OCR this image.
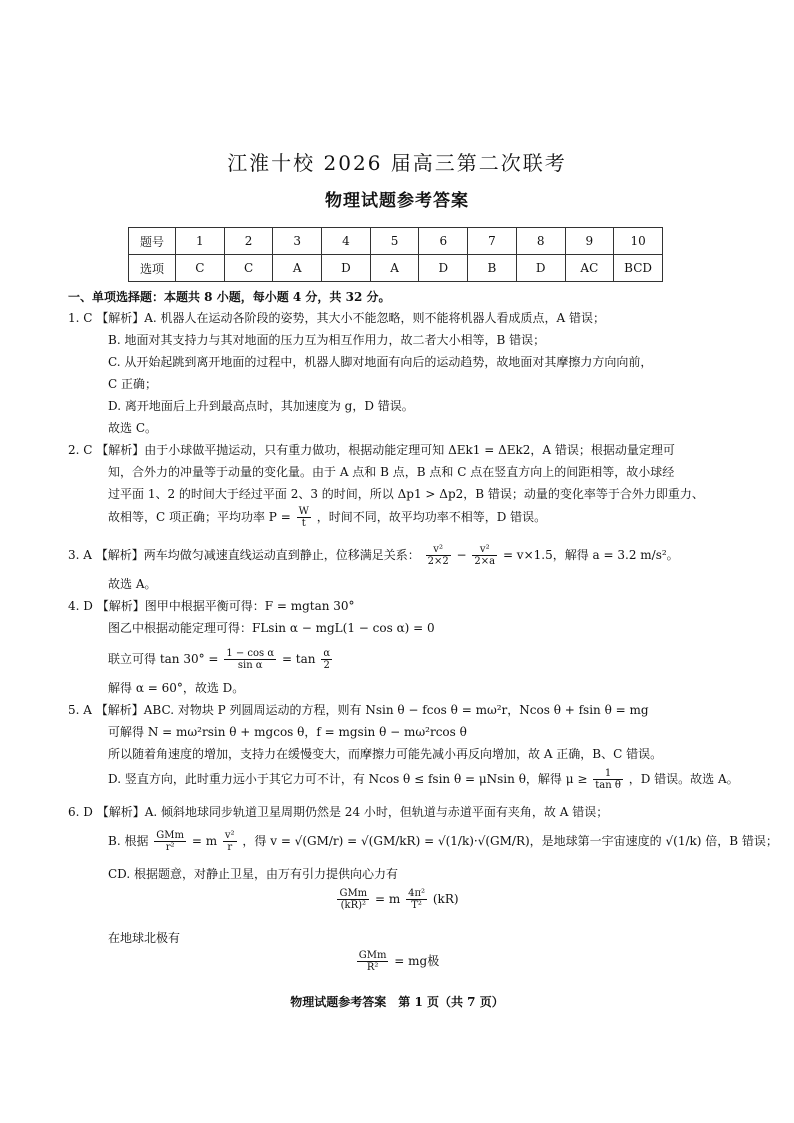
江淮十校 2026 届高三第二次联考
物理试题参考答案
题号	1	2	3	4	5	6	7	8	9	10
选项	C	C	A	D	A	D	B	D	AC	BCD
一、单项选择题：本题共 8 小题，每小题 4 分，共 32 分。
1. C 【解析】A. 机器人在运动各阶段的姿势，其大小不能忽略，则不能将机器人看成质点，A 错误；
B. 地面对其支持力与其对地面的压力互为相互作用力，故二者大小相等，B 错误；
C. 从开始起跳到离开地面的过程中，机器人脚对地面有向后的运动趋势，故地面对其摩擦力方向向前，
C 正确；
D. 离开地面后上升到最高点时，其加速度为 g，D 错误。
故选 C。
2. C 【解析】由于小球做平抛运动，只有重力做功，根据动能定理可知 ΔEk1 = ΔEk2，A 错误；根据动量定理可
知，合外力的冲量等于动量的变化量。由于 A 点和 B 点，B 点和 C 点在竖直方向上的间距相等，故小球经
过平面 1、2 的时间大于经过平面 2、3 的时间，所以 Δp1 > Δp2，B 错误；动量的变化率等于合外力即重力、
故相等，C 项正确；平均功率 $P = \frac{W}{t}$ ，时间不同，故平均功率不相等，D 错误。
3. A 【解析】两车均做匀减速直线运动直到静止，位移满足关系： $\frac{\text{v²}}{2\times 2} - \frac{\text{v²}}{2\times a} = v\times 1.5$，解得 a = 3.2 m/s²。
故选 A。
4. D 【解析】图甲中根据平衡可得：F = mgtan 30°
图乙中根据动能定理可得：FLsin α − mgL(1 − cos α) = 0
联立可得 $\tan 30^\circ = \frac{\text{1 − cos α}}{\text{sin α}} = \tan \frac{\alpha}{2}$
解得 α = 60°，故选 D。
5. A 【解析】ABC. 对物块 P 列圆周运动的方程，则有 Nsin θ − fcos θ = mω²r，Ncos θ + fsin θ = mg
可解得 N = mω²rsin θ + mgcos θ，f = mgsin θ − mω²rcos θ
所以随着角速度的增加，支持力在缓慢变大，而摩擦力可能先减小再反向增加，故 A 正确，B、C 错误。
D. 竖直方向，此时重力远小于其它力可不计，有 Ncos θ ≤ fsin θ = μNsin θ，解得 $\mu \ge \frac{1}{\text{tan θ}}$ ，D 错误。故选 A。
6. D 【解析】A. 倾斜地球同步轨道卫星周期仍然是 24 小时，但轨道与赤道平面有夹角，故 A 错误；
B. 根据 $\frac{\text{GMm}}{\text{r²}} = m \frac{\text{v²}}{r}$ ，得 v = √(GM/r) = √(GM/kR) = √(1/k)·√(GM/R)，是地球第一宇宙速度的 √(1/k) 倍，B 错误；
CD. 根据题意，对静止卫星，由万有引力提供向心力有
$\frac{\text{GMm}}{\text{(kR)²}} = m \frac{\text{4π²}}{\text{T²}} (kR)$
在地球北极有
$\frac{\text{GMm}}{\text{R²}}$ = mg极
物理试题参考答案　第 1 页（共 7 页）
